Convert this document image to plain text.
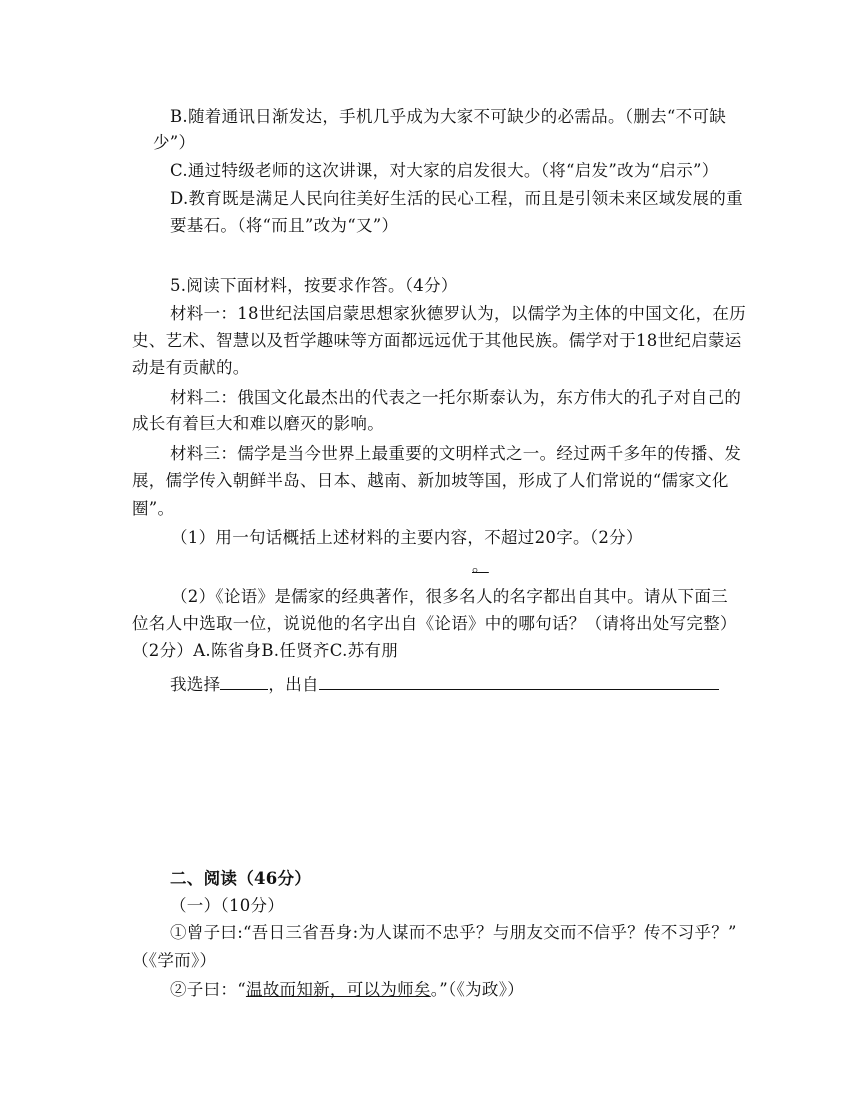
B.随着通讯日渐发达，手机几乎成为大家不可缺少的必需品。（删去“不可缺
少”）
C.通过特级老师的这次讲课，对大家的启发很大。（将“启发”改为“启示”）
D.教育既是满足人民向往美好生活的民心工程，而且是引领未来区域发展的重
要基石。（将“而且”改为“又”）
5.阅读下面材料，按要求作答。（4分）
材料一：18世纪法国启蒙思想家狄德罗认为，以儒学为主体的中国文化，在历
史、艺术、智慧以及哲学趣味等方面都远远优于其他民族。儒学对于18世纪启蒙运
动是有贡献的。
材料二：俄国文化最杰出的代表之一托尔斯泰认为，东方伟大的孔子对自己的
成长有着巨大和难以磨灭的影响。
材料三：儒学是当今世界上最重要的文明样式之一。经过两千多年的传播、发
展，儒学传入朝鲜半岛、日本、越南、新加坡等国，形成了人们常说的“儒家文化
圈”。
（1）用一句话概括上述材料的主要内容，不超过20字。（2分）
。
（2）《论语》是儒家的经典著作，很多名人的名字都出自其中。请从下面三
位名人中选取一位，说说他的名字出自《论语》中的哪句话？（请将出处写完整）
（2分）A.陈省身B.任贤齐C.苏有朋
我选择	，出自
二、阅读（46分）
（一）（10分）
①曾子曰:“吾日三省吾身:为人谋而不忠乎？与朋友交而不信乎？传不习乎？”
（《学而》）
②子曰：“温故而知新，可以为师矣。”（《为政》）
